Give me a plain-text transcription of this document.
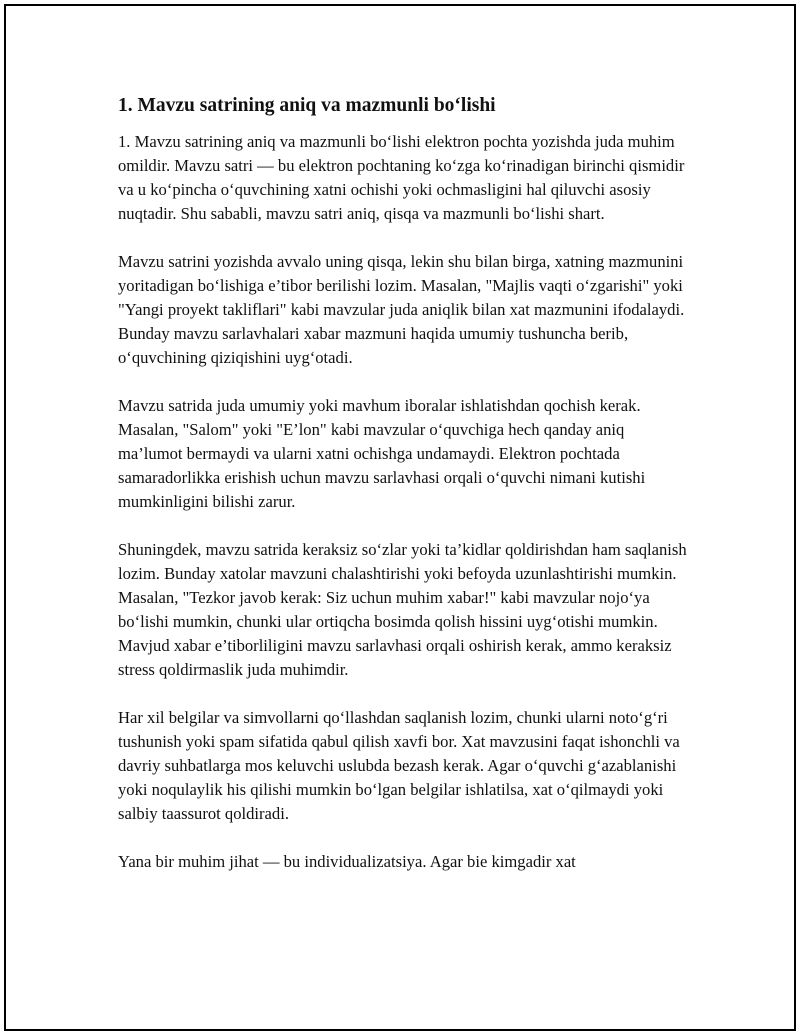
1. Mavzu satrining aniq va mazmunli bo‘lishi

1. Mavzu satrining aniq va mazmunli bo‘lishi elektron pochta yozishda juda muhim omildir. Mavzu satri — bu elektron pochtaning ko‘zga ko‘rinadigan birinchi qismidir va u ko‘pincha o‘quvchining xatni ochishi yoki ochmasligini hal qiluvchi asosiy nuqtadir. Shu sababli, mavzu satri aniq, qisqa va mazmunli bo‘lishi shart.

Mavzu satrini yozishda avvalo uning qisqa, lekin shu bilan birga, xatning mazmunini yoritadigan bo‘lishiga e’tibor berilishi lozim. Masalan, "Majlis vaqti o‘zgarishi" yoki "Yangi proyekt takliflari" kabi mavzular juda aniqlik bilan xat mazmunini ifodalaydi. Bunday mavzu sarlavhalari xabar mazmuni haqida umumiy tushuncha berib, o‘quvchining qiziqishini uyg‘otadi.

Mavzu satrida juda umumiy yoki mavhum iboralar ishlatishdan qochish kerak. Masalan, "Salom" yoki "E’lon" kabi mavzular o‘quvchiga hech qanday aniq ma’lumot bermaydi va ularni xatni ochishga undamaydi. Elektron pochtada samaradorlikka erishish uchun mavzu sarlavhasi orqali o‘quvchi nimani kutishi mumkinligini bilishi zarur.

Shuningdek, mavzu satrida keraksiz so‘zlar yoki ta’kidlar qoldirishdan ham saqlanish lozim. Bunday xatolar mavzuni chalashtirishi yoki befoyda uzunlashtirishi mumkin. Masalan, "Tezkor javob kerak: Siz uchun muhim xabar!" kabi mavzular nojo‘ya bo‘lishi mumkin, chunki ular ortiqcha bosimda qolish hissini uyg‘otishi mumkin. Mavjud xabar e’tiborliligini mavzu sarlavhasi orqali oshirish kerak, ammo keraksiz stress qoldirmaslik juda muhimdir.

Har xil belgilar va simvollarni qo‘llashdan saqlanish lozim, chunki ularni noto‘g‘ri tushunish yoki spam sifatida qabul qilish xavfi bor. Xat mavzusini faqat ishonchli va davriy suhbatlarga mos keluvchi uslubda bezash kerak. Agar o‘quvchi g‘azablanishi yoki noqulaylik his qilishi mumkin bo‘lgan belgilar ishlatilsa, xat o‘qilmaydi yoki salbiy taassurot qoldiradi.

Yana bir muhim jihat — bu individualizatsiya. Agar bie kimgadir xat
